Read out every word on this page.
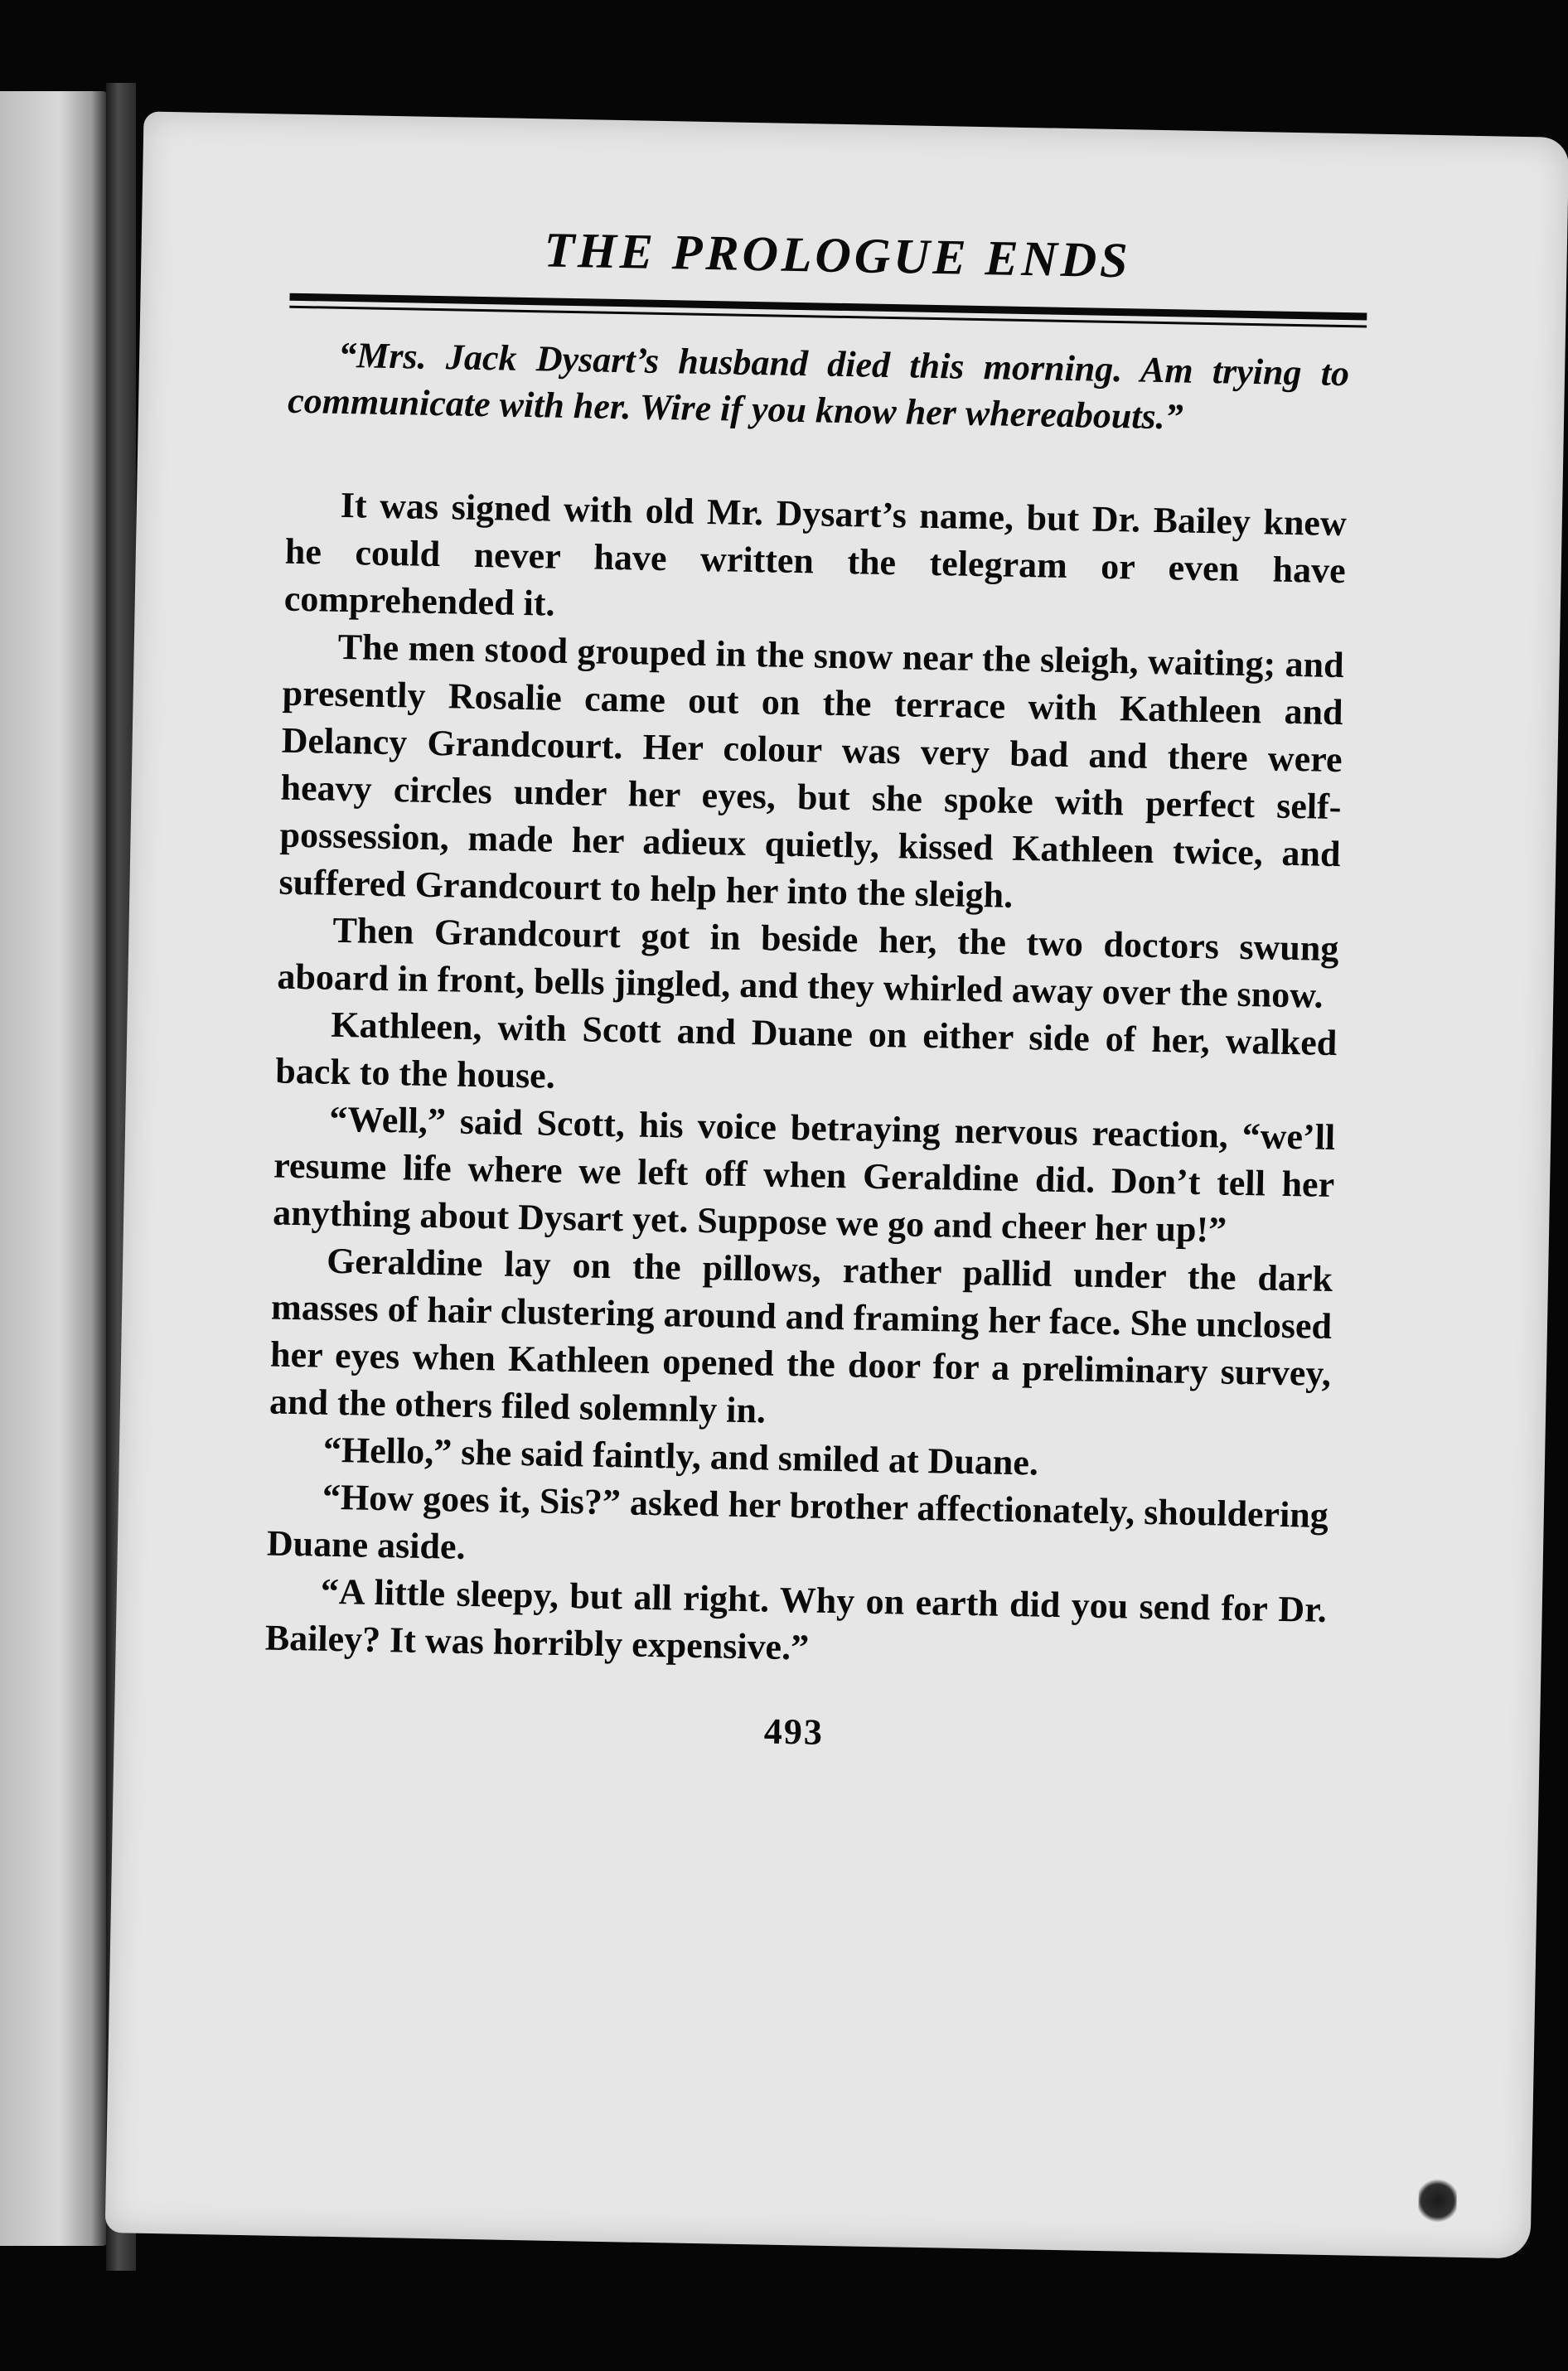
THE PROLOGUE ENDS

“Mrs. Jack Dysart’s husband died this morning. Am trying to communicate with her. Wire if you know her whereabouts.”

It was signed with old Mr. Dysart’s name, but Dr. Bailey knew he could never have written the telegram or even have comprehended it.

The men stood grouped in the snow near the sleigh, waiting; and presently Rosalie came out on the terrace with Kathleen and Delancy Grandcourt. Her colour was very bad and there were heavy circles under her eyes, but she spoke with perfect self-possession, made her adieux quietly, kissed Kathleen twice, and suffered Grandcourt to help her into the sleigh.

Then Grandcourt got in beside her, the two doctors swung aboard in front, bells jingled, and they whirled away over the snow.

Kathleen, with Scott and Duane on either side of her, walked back to the house.

“Well,” said Scott, his voice betraying nervous reaction, “we’ll resume life where we left off when Geraldine did. Don’t tell her anything about Dysart yet. Suppose we go and cheer her up!”

Geraldine lay on the pillows, rather pallid under the dark masses of hair clustering around and framing her face. She unclosed her eyes when Kathleen opened the door for a preliminary survey, and the others filed solemnly in.

“Hello,” she said faintly, and smiled at Duane.

“How goes it, Sis?” asked her brother affectionately, shouldering Duane aside.

“A little sleepy, but all right. Why on earth did you send for Dr. Bailey? It was horribly expensive.”

493
